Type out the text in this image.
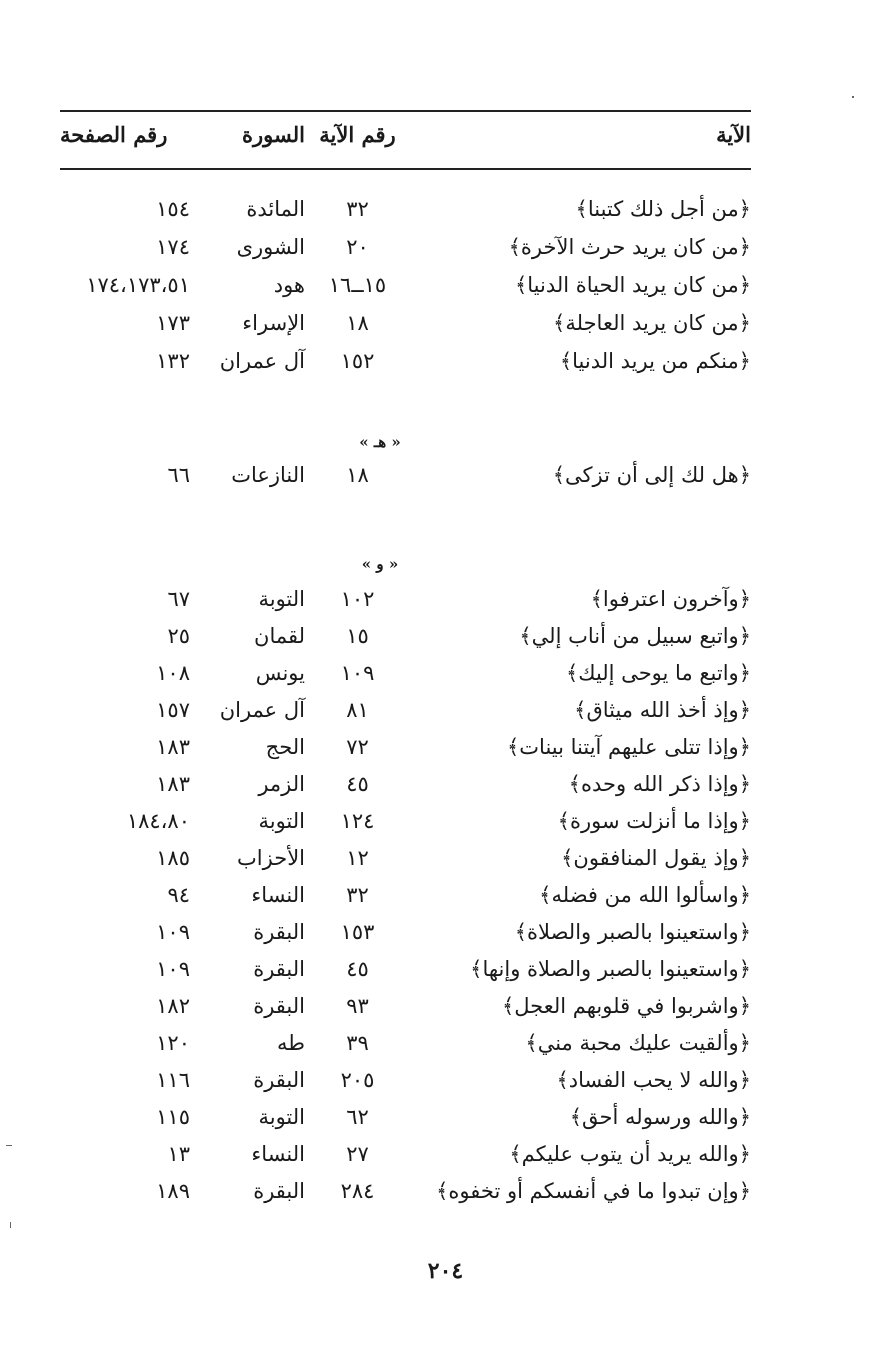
الآية
رقم الآية
السورة
رقم الصفحة
﴿من أجل ذلك كتبنا﴾
٣٢
المائدة
١٥٤
﴿من كان يريد حرث الآخرة﴾
٢٠
الشورى
١٧٤
﴿من كان يريد الحياة الدنيا﴾
١٥ــ١٦
هود
١٧٤،١٧٣،٥١
﴿من كان يريد العاجلة﴾
١٨
الإسراء
١٧٣
﴿منكم من يريد الدنيا﴾
١٥٢
آل عمران
١٣٢
« هـ »
﴿هل لك إلى أن تزكى﴾
١٨
النازعات
٦٦
« و »
﴿وآخرون اعترفوا﴾
١٠٢
التوبة
٦٧
﴿واتبع سبيل من أناب إلي﴾
١٥
لقمان
٢٥
﴿واتبع ما يوحى إليك﴾
١٠٩
يونس
١٠٨
﴿وإذ أخذ الله ميثاق﴾
٨١
آل عمران
١٥٧
﴿وإذا تتلى عليهم آيتنا بينات﴾
٧٢
الحج
١٨٣
﴿وإذا ذكر الله وحده﴾
٤٥
الزمر
١٨٣
﴿وإذا ما أنزلت سورة﴾
١٢٤
التوبة
١٨٤،٨٠
﴿وإذ يقول المنافقون﴾
١٢
الأحزاب
١٨٥
﴿واسألوا الله من فضله﴾
٣٢
النساء
٩٤
﴿واستعينوا بالصبر والصلاة﴾
١٥٣
البقرة
١٠٩
﴿واستعينوا بالصبر والصلاة وإنها﴾
٤٥
البقرة
١٠٩
﴿واشربوا في قلوبهم العجل﴾
٩٣
البقرة
١٨٢
﴿وألقيت عليك محبة مني﴾
٣٩
طه
١٢٠
﴿والله لا يحب الفساد﴾
٢٠٥
البقرة
١١٦
﴿والله ورسوله أحق﴾
٦٢
التوبة
١١٥
﴿والله يريد أن يتوب عليكم﴾
٢٧
النساء
١٣
﴿وإن تبدوا ما في أنفسكم أو تخفوه﴾
٢٨٤
البقرة
١٨٩
٢٠٤
